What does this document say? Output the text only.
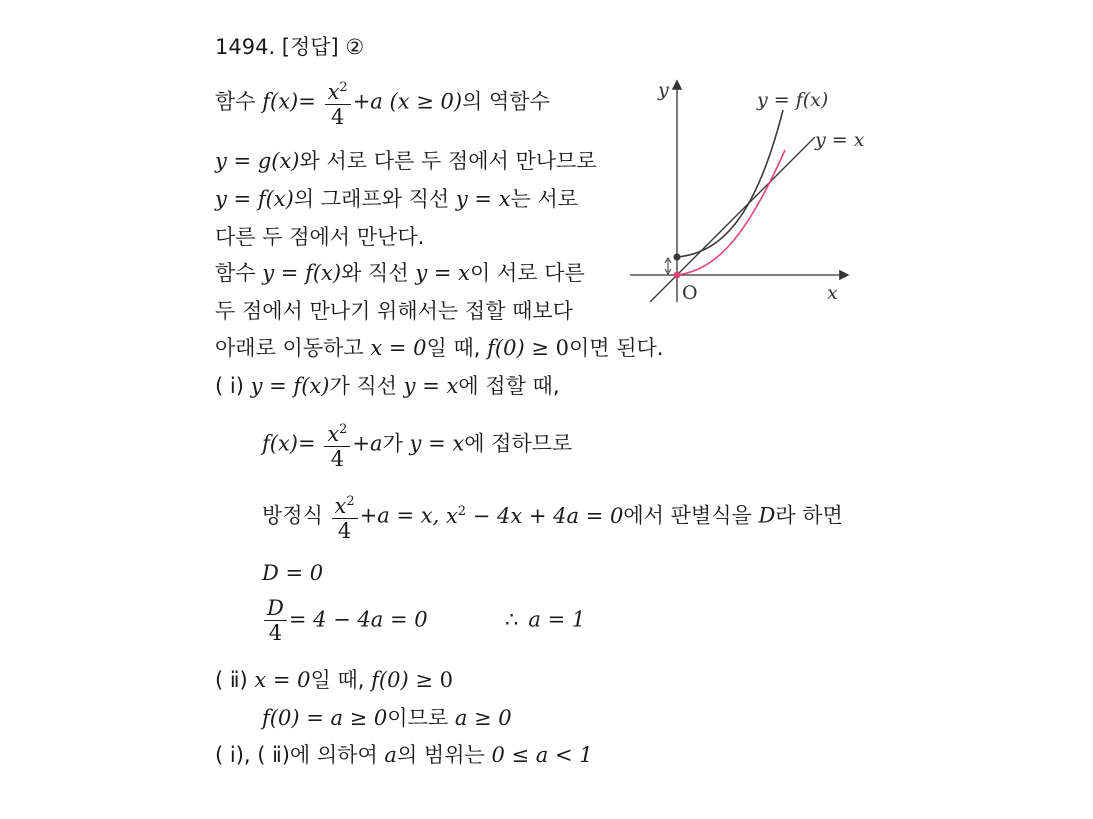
1494. [정답] ②
함수 $f(x)= \frac{x^2}{4} +a$ (x ≥ 0)의 역함수
y = g(x)와 서로 다른 두 점에서 만나므로
y = f(x)의 그래프와 직선 y = x는 서로
다른 두 점에서 만난다.
함수 y = f(x)와 직선 y = x이 서로 다른
두 점에서 만나기 위해서는 접할 때보다
아래로 이동하고 x = 0일 때, f(0) ≥ 0이면 된다.
( ⅰ) y = f(x)가 직선 y = x에 접할 때,
$f(x)= \frac{x^2}{4} +a$가 y = x에 접하므로
방정식 $\frac{x^2}{4} +a = x$, $x^2 - 4x + 4a = 0$에서 판별식을 D라 하면
D = 0
$\frac{D}{4} = 4 - 4a = 0$	∴ a = 1
( ⅱ) x = 0일 때, f(0) ≥ 0
f(0) = a ≥ 0이므로 a ≥ 0
( ⅰ), ( ⅱ)에 의하여 a의 범위는 0 ≤ a < 1
y
O	x
y = f(x)
y = x
